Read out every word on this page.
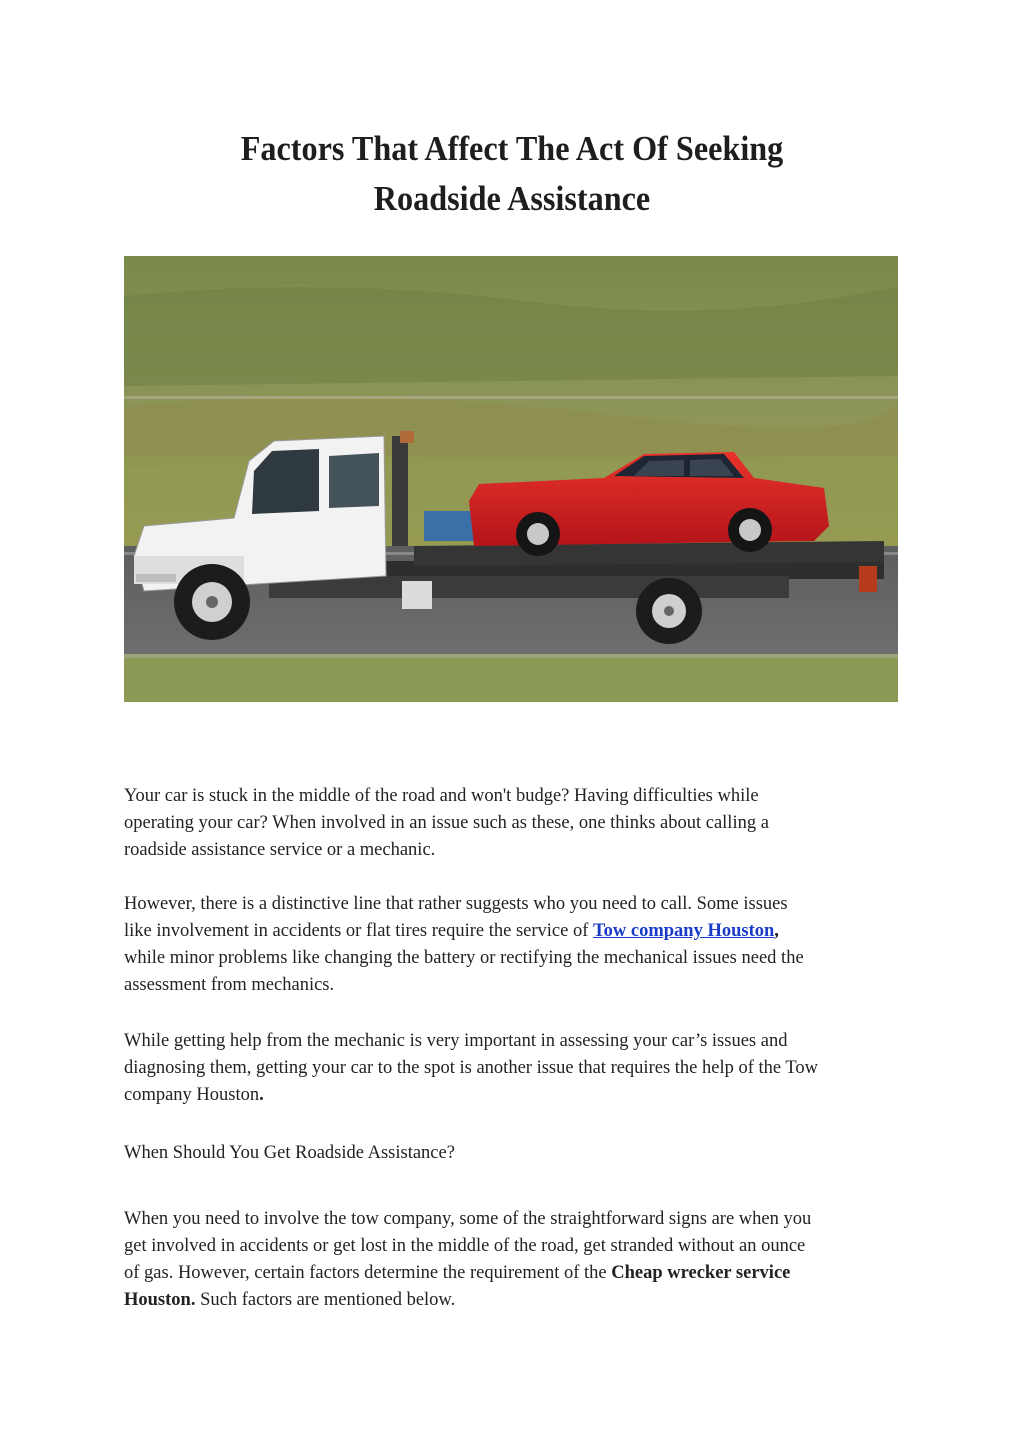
Factors That Affect The Act Of Seeking
Roadside Assistance

Your car is stuck in the middle of the road and won't budge? Having difficulties while
operating your car? When involved in an issue such as these, one thinks about calling a
roadside assistance service or a mechanic.

However, there is a distinctive line that rather suggests who you need to call. Some issues
like involvement in accidents or flat tires require the service of Tow company Houston,
while minor problems like changing the battery or rectifying the mechanical issues need the
assessment from mechanics.

While getting help from the mechanic is very important in assessing your car’s issues and
diagnosing them, getting your car to the spot is another issue that requires the help of the Tow
company Houston.

When Should You Get Roadside Assistance?

When you need to involve the tow company, some of the straightforward signs are when you
get involved in accidents or get lost in the middle of the road, get stranded without an ounce
of gas. However, certain factors determine the requirement of the Cheap wrecker service
Houston. Such factors are mentioned below.
